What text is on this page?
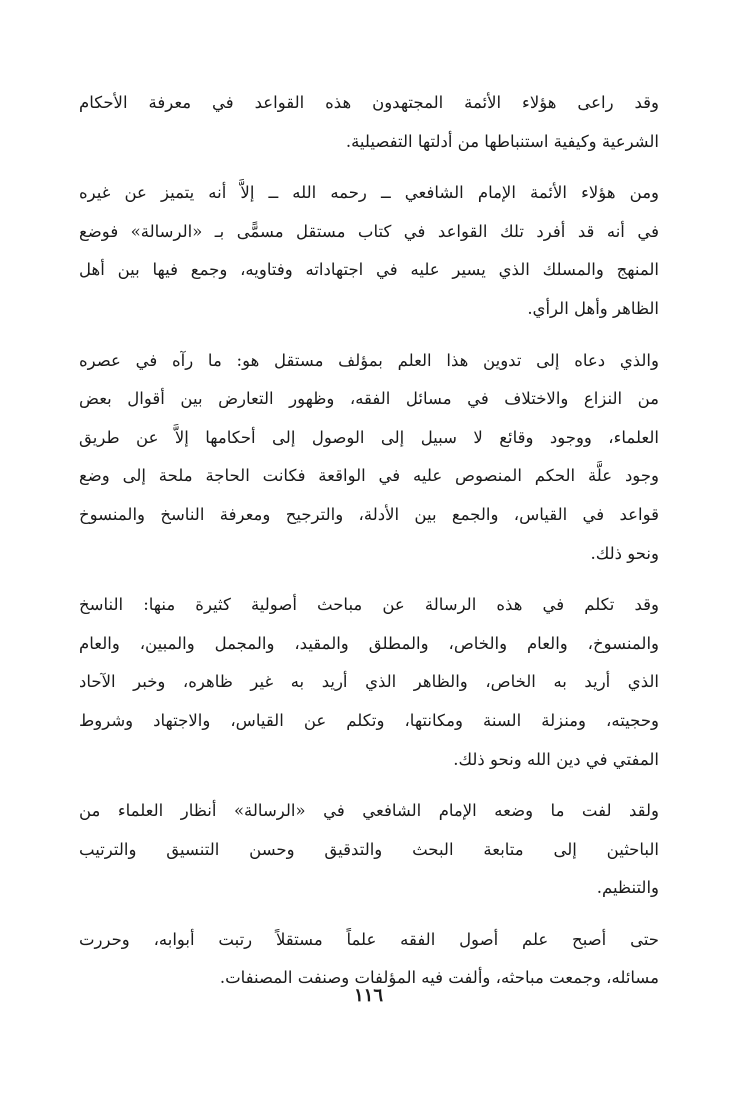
وقد راعى هؤلاء الأئمة المجتهدون هذه القواعد في معرفة الأحكام
الشرعية وكيفية استنباطها من أدلتها التفصيلية.

ومن هؤلاء الأئمة الإمام الشافعي ــ رحمه الله ــ إلاَّ أنه يتميز عن غيره
في أنه قد أفرد تلك القواعد في كتاب مستقل مسمًّى بـ «الرسالة» فوضع
المنهج والمسلك الذي يسير عليه في اجتهاداته وفتاويه، وجمع فيها بين أهل
الظاهر وأهل الرأي.

والذي دعاه إلى تدوين هذا العلم بمؤلف مستقل هو: ما رآه في عصره
من النزاع والاختلاف في مسائل الفقه، وظهور التعارض بين أقوال بعض
العلماء، ووجود وقائع لا سبيل إلى الوصول إلى أحكامها إلاَّ عن طريق
وجود علَّة الحكم المنصوص عليه في الواقعة فكانت الحاجة ملحة إلى وضع
قواعد في القياس، والجمع بين الأدلة، والترجيح ومعرفة الناسخ والمنسوخ
ونحو ذلك.

وقد تكلم في هذه الرسالة عن مباحث أصولية كثيرة منها: الناسخ
والمنسوخ، والعام والخاص، والمطلق والمقيد، والمجمل والمبين، والعام
الذي أريد به الخاص، والظاهر الذي أريد به غير ظاهره، وخبر الآحاد
وحجيته، ومنزلة السنة ومكانتها، وتكلم عن القياس، والاجتهاد وشروط
المفتي في دين الله ونحو ذلك.

ولقد لفت ما وضعه الإمام الشافعي في «الرسالة» أنظار العلماء من
الباحثين إلى متابعة البحث والتدقيق وحسن التنسيق والترتيب
والتنظيم.

حتى أصبح علم أصول الفقه علماً مستقلاً رتبت أبوابه، وحررت
مسائله، وجمعت مباحثه، وألفت فيه المؤلفات وصنفت المصنفات.

١١٦
